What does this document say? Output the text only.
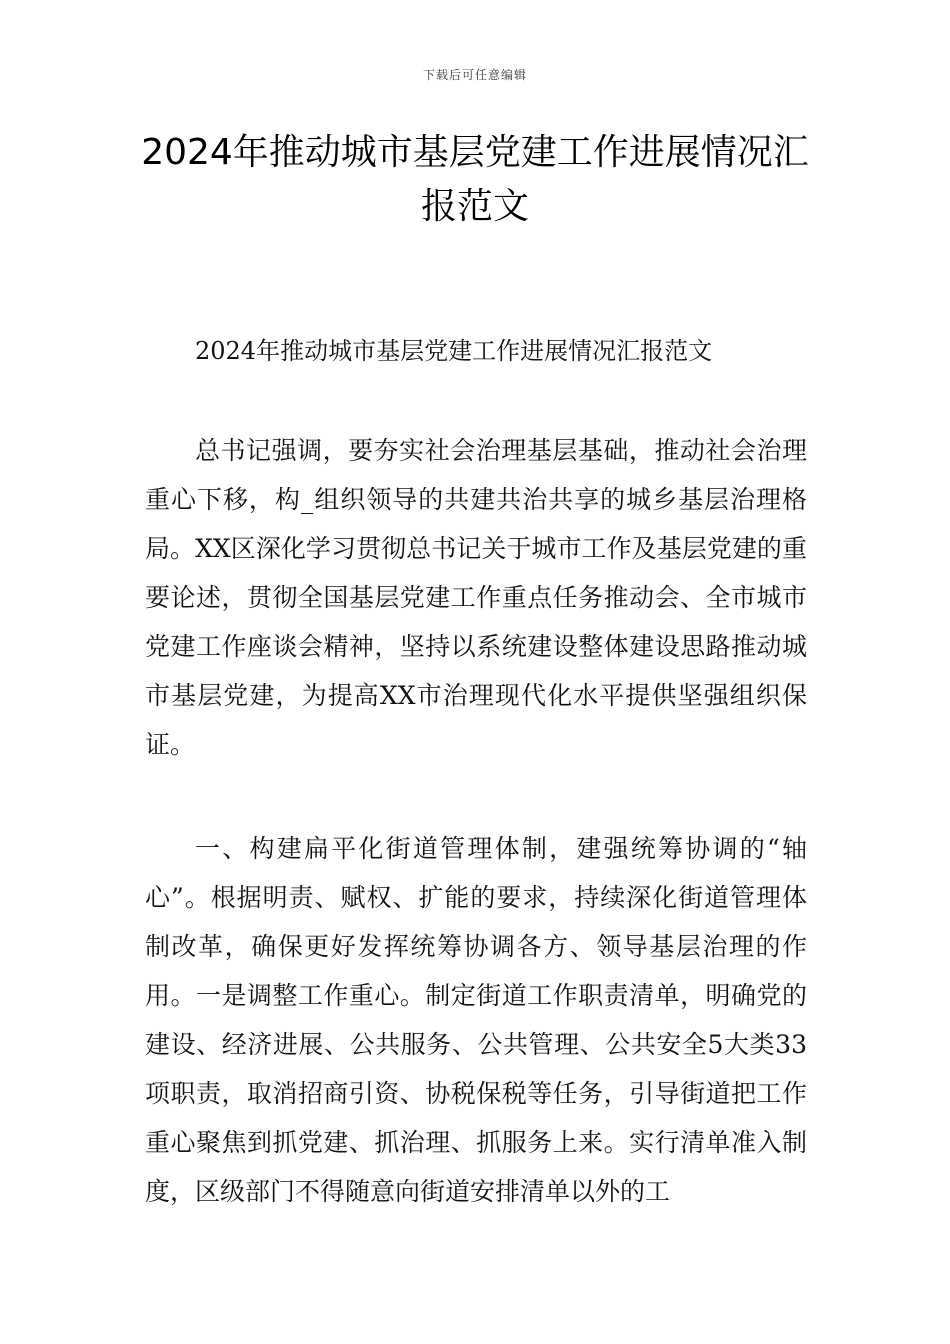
下载后可任意编辑
2024年推动城市基层党建工作进展情况汇报范文
2024年推动城市基层党建工作进展情况汇报范文

总书记强调，要夯实社会治理基层基础，推动社会治理重心下移，构_组织领导的共建共治共享的城乡基层治理格局。XX区深化学习贯彻总书记关于城市工作及基层党建的重要论述，贯彻全国基层党建工作重点任务推动会、全市城市党建工作座谈会精神，坚持以系统建设整体建设思路推动城市基层党建，为提高XX市治理现代化水平提供坚强组织保证。

一、构建扁平化街道管理体制，建强统筹协调的“轴心”。根据明责、赋权、扩能的要求，持续深化街道管理体制改革，确保更好发挥统筹协调各方、领导基层治理的作用。一是调整工作重心。制定街道工作职责清单，明确党的建设、经济进展、公共服务、公共管理、公共安全5大类33项职责，取消招商引资、协税保税等任务，引导街道把工作重心聚焦到抓党建、抓治理、抓服务上来。实行清单准入制度，区级部门不得随意向街道安排清单以外的工
